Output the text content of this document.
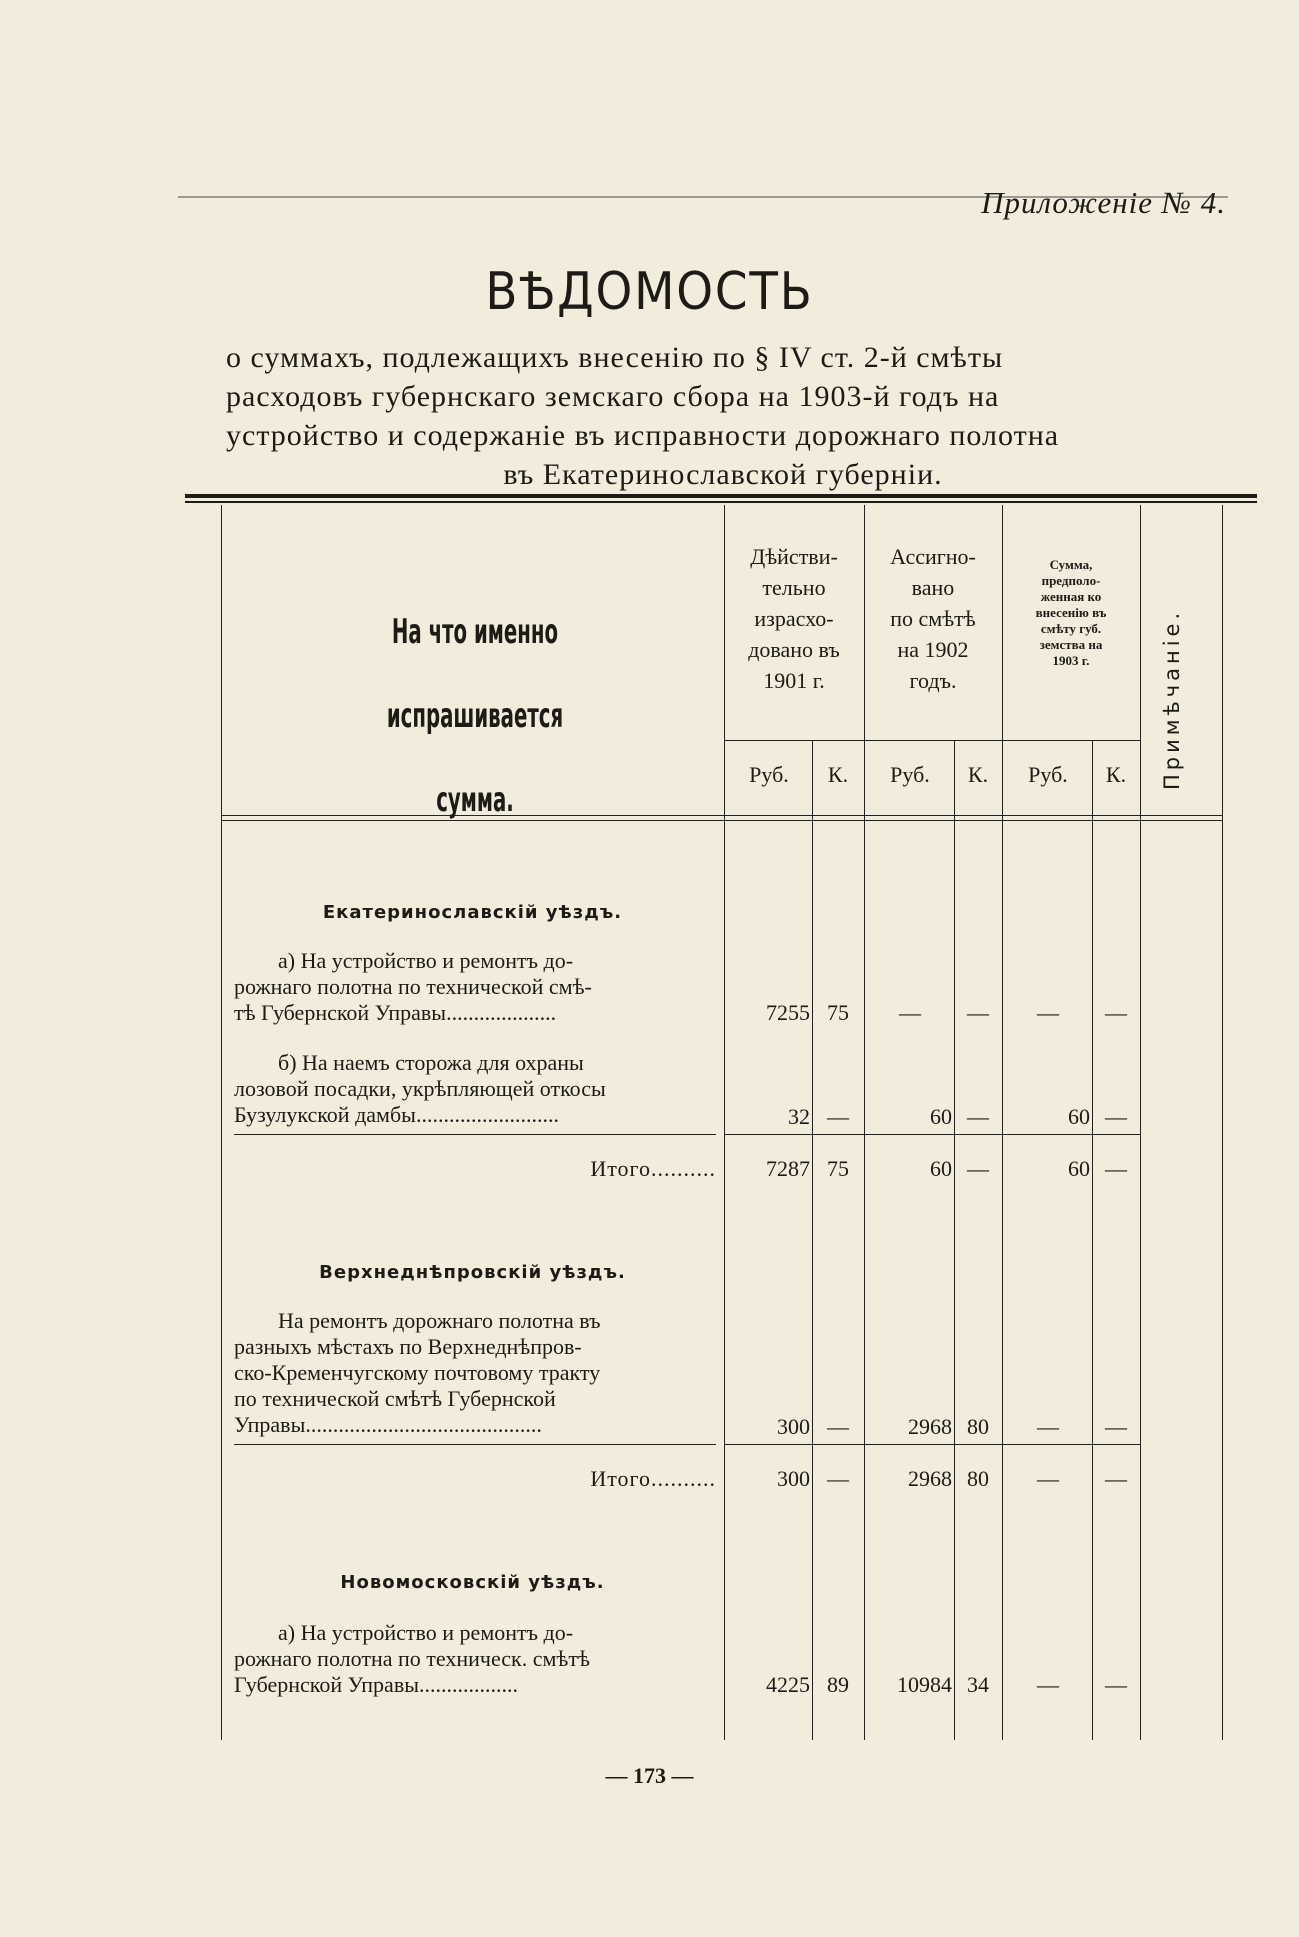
Приложеніе № 4.
ВѢДОМОСТЬ
о суммахъ, подлежащихъ внесенію по § IV ст. 2-й смѣты
расходовъ губернскаго земскаго сбора на 1903-й годъ на
устройство и содержаніе въ исправности дорожнаго полотна
въ Екатеринославской губерніи.
На что именно испрашивается
сумма.
Дѣйстви-
тельно
израсхо-
довано въ
1901 г.
Ассигно-
вано
по смѣтѣ
на 1902
годъ.
Сумма,
предполо-
женная ко
внесенію въ
смѣту губ.
земства на
1903 г.	Примѣчаніе.
Руб.	К.	Руб.	К.	Руб.	К.
Екатеринославскій уѣздъ.
а) На устройство и ремонтъ до-
рожнаго полотна по технической смѣ-
тѣ Губернской Управы....................	7255 75	—	—	—	—
б) На наемъ сторожа для охраны
лозовой посадки, укрѣпляющей откосы
Бузулукской дамбы..........................	32 —	60 —	60 —
Итого..........	7287 75	60 —	60 —
Верхнеднѣпровскій уѣздъ.
На ремонтъ дорожнаго полотна въ
разныхъ мѣстахъ по Верхнеднѣпров-
ско-Кременчугскому почтовому тракту
по технической смѣтѣ Губернской
Управы...........................................	300 —	2968 80	—	—
Итого..........	300 —	2968 80	—	—
Новомосковскій уѣздъ.
а) На устройство и ремонтъ до-
рожнаго полотна по техническ. смѣтѣ
Губернской Управы..................	4225 89	10984 34	—	—
— 173 —
